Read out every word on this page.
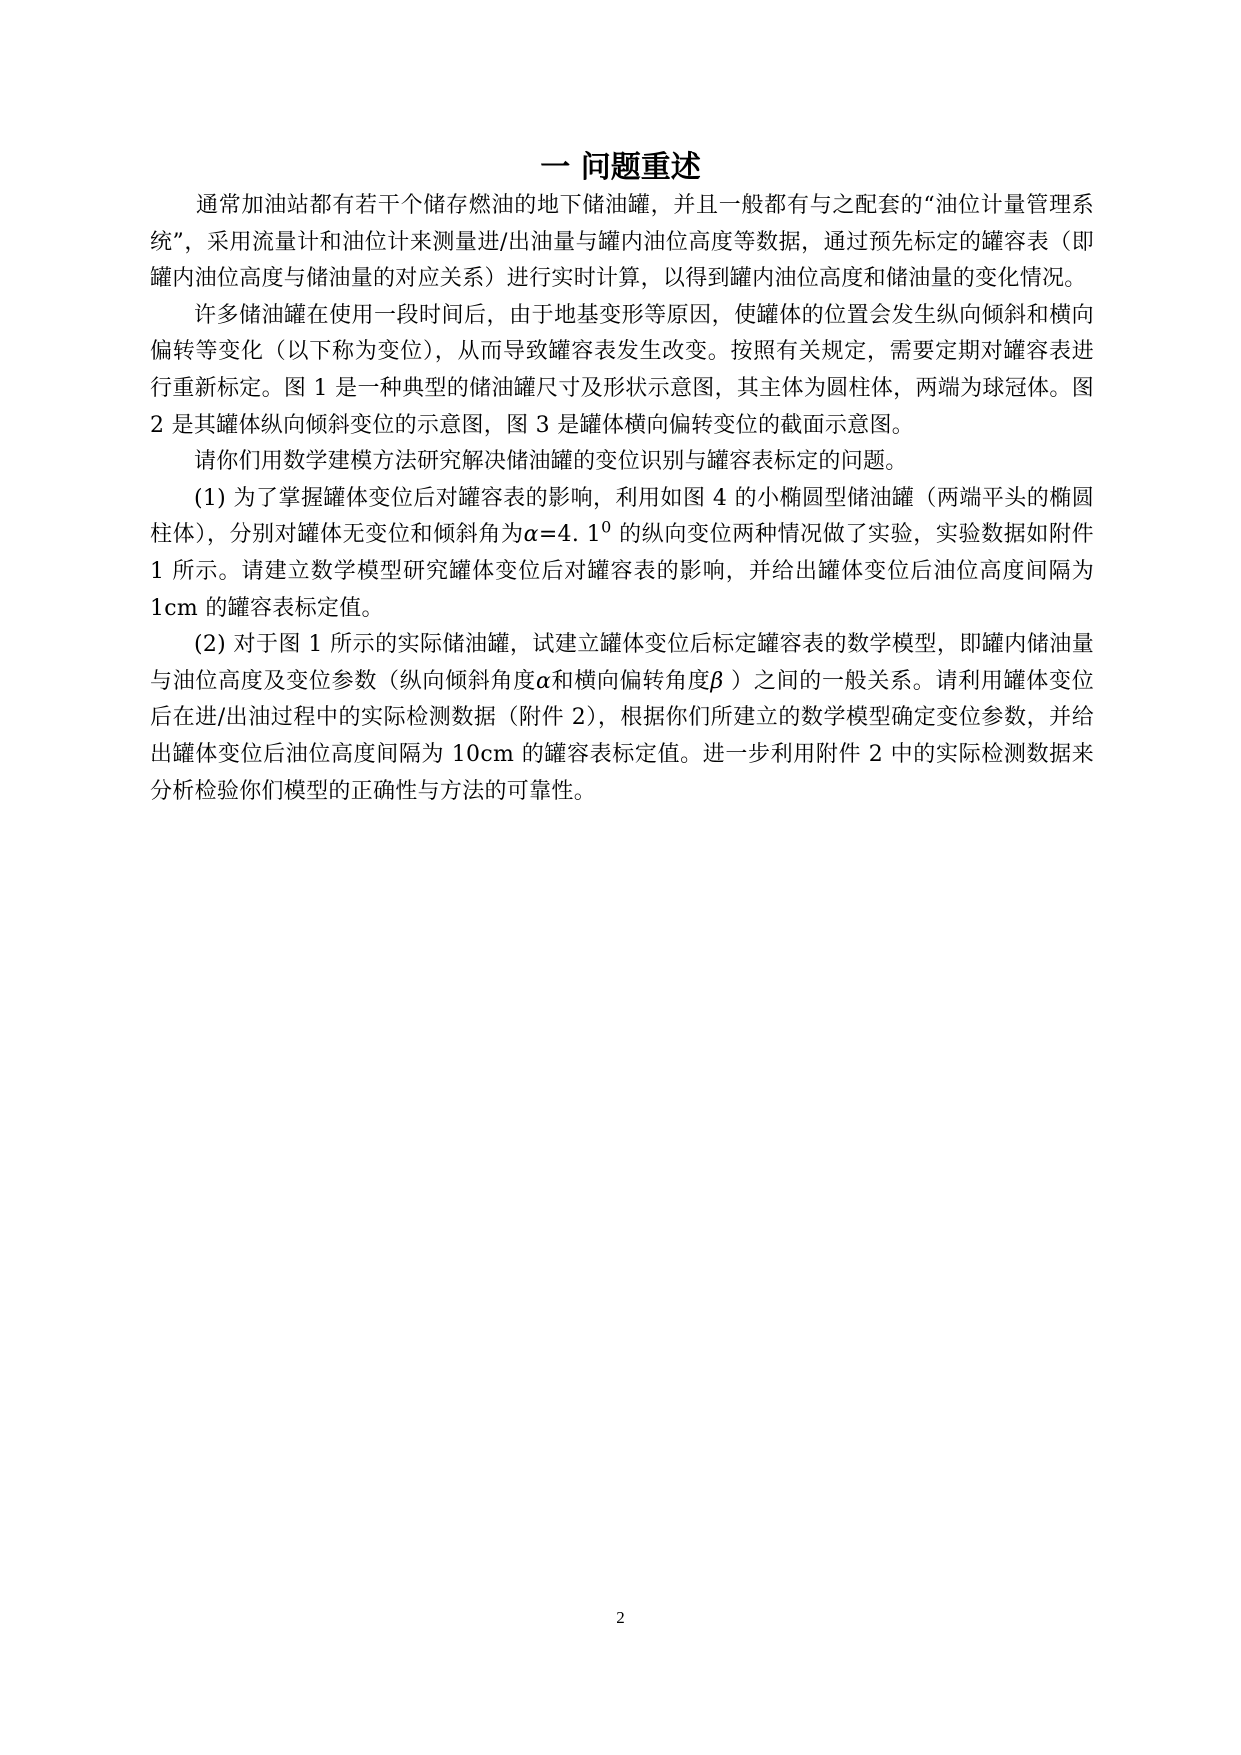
一 问题重述

通常加油站都有若干个储存燃油的地下储油罐，并且一般都有与之配套的“油位计量管理系统”，采用流量计和油位计来测量进/出油量与罐内油位高度等数据，通过预先标定的罐容表（即罐内油位高度与储油量的对应关系）进行实时计算，以得到罐内油位高度和储油量的变化情况。

许多储油罐在使用一段时间后，由于地基变形等原因，使罐体的位置会发生纵向倾斜和横向偏转等变化（以下称为变位），从而导致罐容表发生改变。按照有关规定，需要定期对罐容表进行重新标定。图 1 是一种典型的储油罐尺寸及形状示意图，其主体为圆柱体，两端为球冠体。图 2 是其罐体纵向倾斜变位的示意图，图 3 是罐体横向偏转变位的截面示意图。

请你们用数学建模方法研究解决储油罐的变位识别与罐容表标定的问题。

(1) 为了掌握罐体变位后对罐容表的影响，利用如图 4 的小椭圆型储油罐（两端平头的椭圆柱体），分别对罐体无变位和倾斜角为α=4. $1^0$ 的纵向变位两种情况做了实验，实验数据如附件 1 所示。请建立数学模型研究罐体变位后对罐容表的影响，并给出罐体变位后油位高度间隔为 1cm 的罐容表标定值。

(2) 对于图 1 所示的实际储油罐，试建立罐体变位后标定罐容表的数学模型，即罐内储油量与油位高度及变位参数（纵向倾斜角度α和横向偏转角度β ）之间的一般关系。请利用罐体变位后在进/出油过程中的实际检测数据（附件 2），根据你们所建立的数学模型确定变位参数，并给出罐体变位后油位高度间隔为 10cm 的罐容表标定值。进一步利用附件 2 中的实际检测数据来分析检验你们模型的正确性与方法的可靠性。

2
